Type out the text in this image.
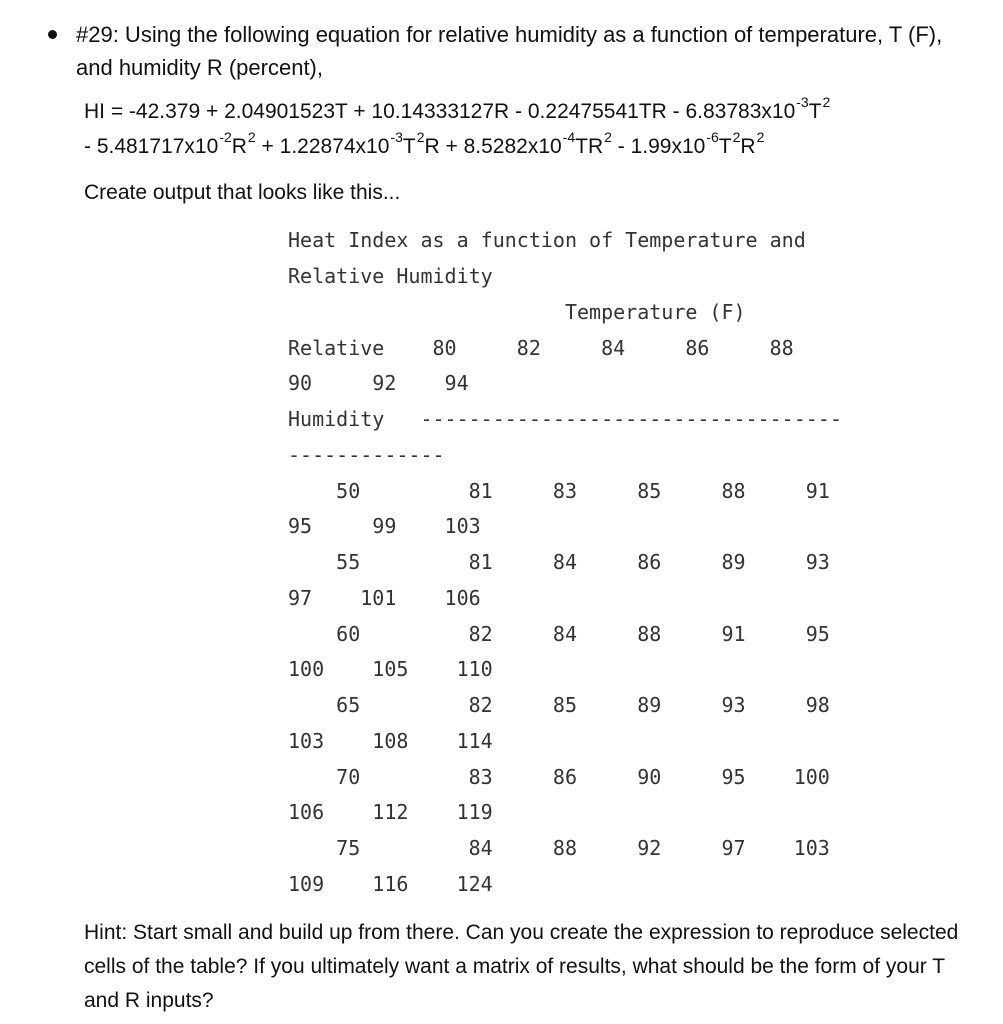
#29: Using the following equation for relative humidity as a function of temperature, T (F), and humidity R (percent),

HI = $-42.379 + 2.04901523T + 10.14333127R - 0.22475541TR - 6.83783x10^{-3}T^2$
- $5.481717x10^{-2}R^2 + 1.22874x10^{-3}T^2R + 8.5282x10^{-4}TR^2 - 1.99x10^{-6}T^2R^2$

Create output that looks like this...

Heat Index as a function of Temperature and
Relative Humidity
Temperature (F)
Relative    80     82     84     86     88
90     92    94
Humidity   -----------------------------------
-------------
50         81     83     85     88     91
95     99    103
55         81     84     86     89     93
97    101    106
60         82     84     88     91     95
100    105    110
65         82     85     89     93     98
103    108    114
70         83     86     90     95    100
106    112    119
75         84     88     92     97    103
109    116    124

Hint: Start small and build up from there. Can you create the expression to reproduce selected cells of the table? If you ultimately want a matrix of results, what should be the form of your T and R inputs?
